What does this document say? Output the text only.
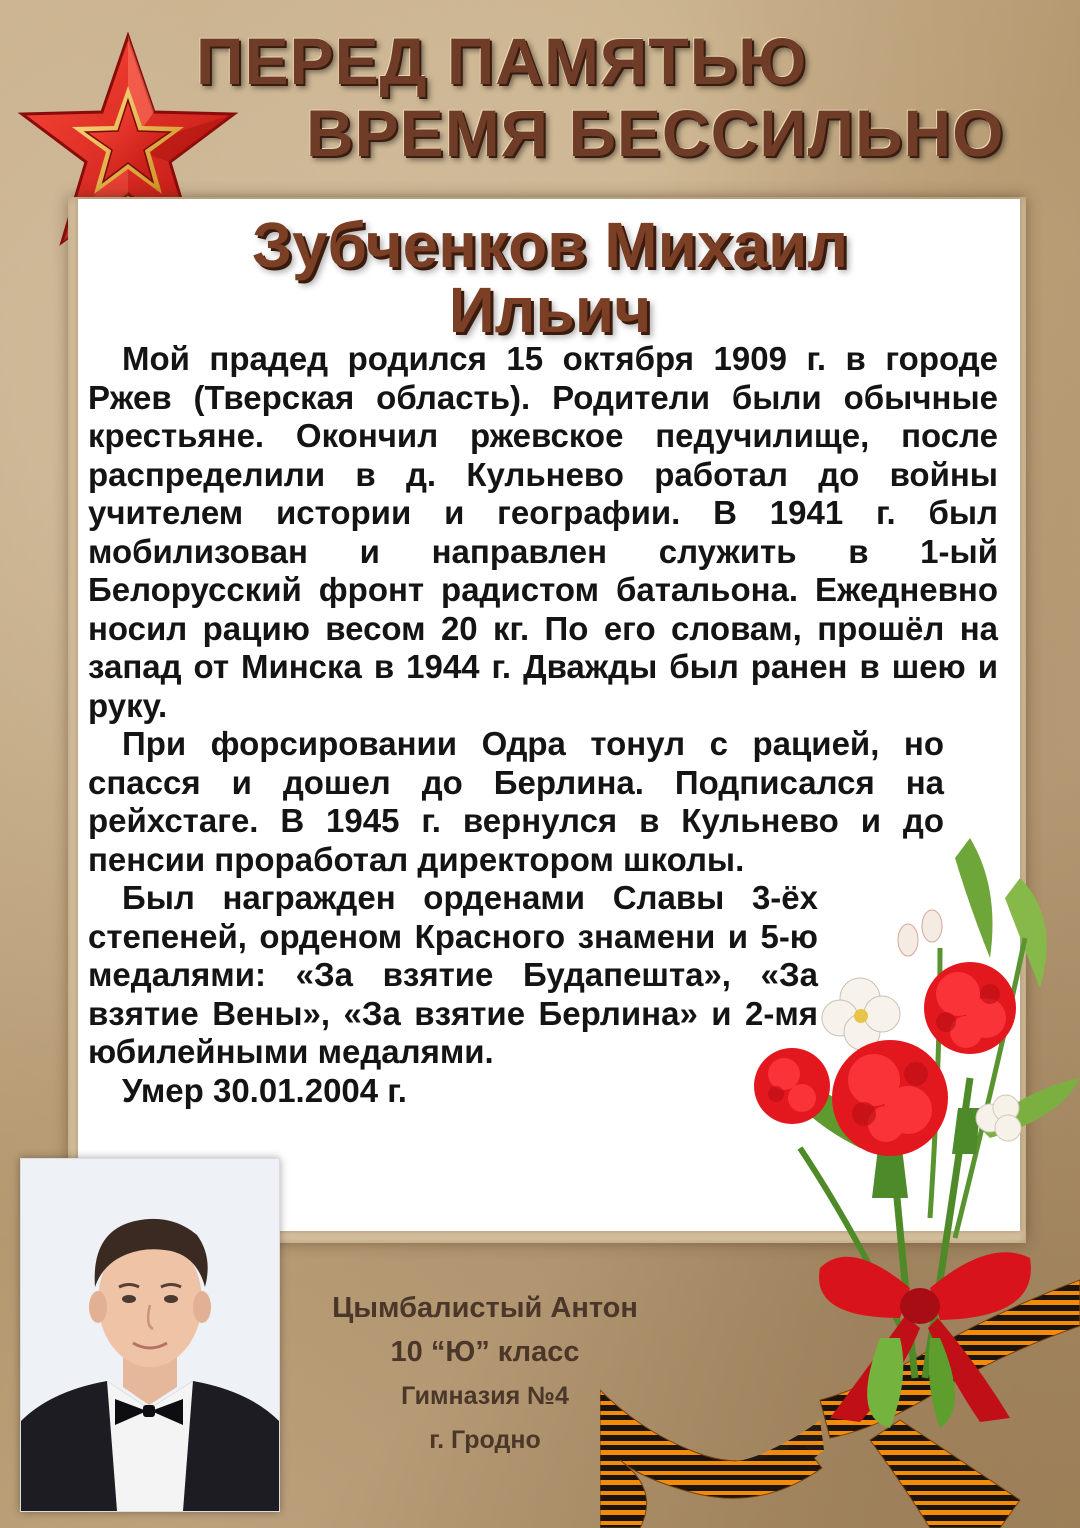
ПЕРЕД ПАМЯТЬЮ
ВРЕМЯ БЕССИЛЬНО
Зубченков Михаил
Ильич

Мой прадед родился 15 октября 1909 г. в городе Ржев (Тверская область). Родители были обычные крестьяне. Окончил ржевское педучилище, после распределили в д. Кульнево работал до войны учителем истории и географии. В 1941 г. был мобилизован и направлен служить в 1-ый Белорусский фронт радистом батальона. Ежедневно носил рацию весом 20 кг. По его словам, прошёл на запад от Минска в 1944 г. Дважды был ранен в шею и руку.

При форсировании Одра тонул с рацией, но спасся и дошел до Берлина. Подписался на рейхстаге. В 1945 г. вернулся в Кульнево и до пенсии проработал директором школы.

Был награжден орденами Славы 3-ёх степеней, орденом Красного знамени и 5-ю медалями: «За взятие Будапешта», «За взятие Вены», «За взятие Берлина» и 2-мя юбилейными медалями.

Умер 30.01.2004 г.

Цымбалистый Антон

10 “Ю” класс

Гимназия №4

г. Гродно
